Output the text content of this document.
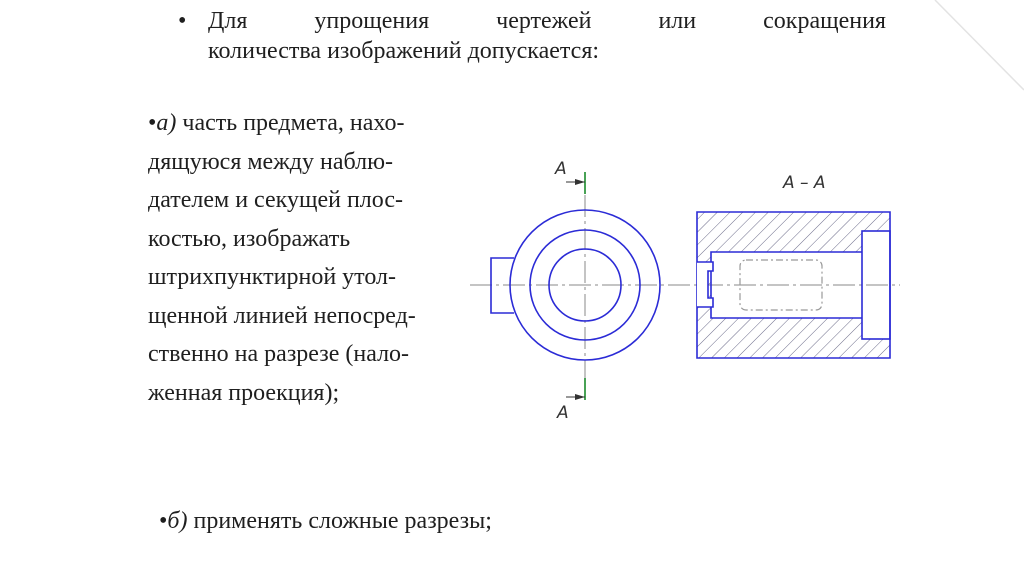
• Для	упрощения	чертежей	или	сокращения
количества изображений допускается:
•а) часть предмета, нахо-
дящуюся между наблю-
дателем и секущей плос-
костью, изображать
штрихпунктирной утол-
щенной линией непосред-
ственно на разрезе (нало-
женная проекция);
•б) применять сложные разрезы;
А
А
А – А
